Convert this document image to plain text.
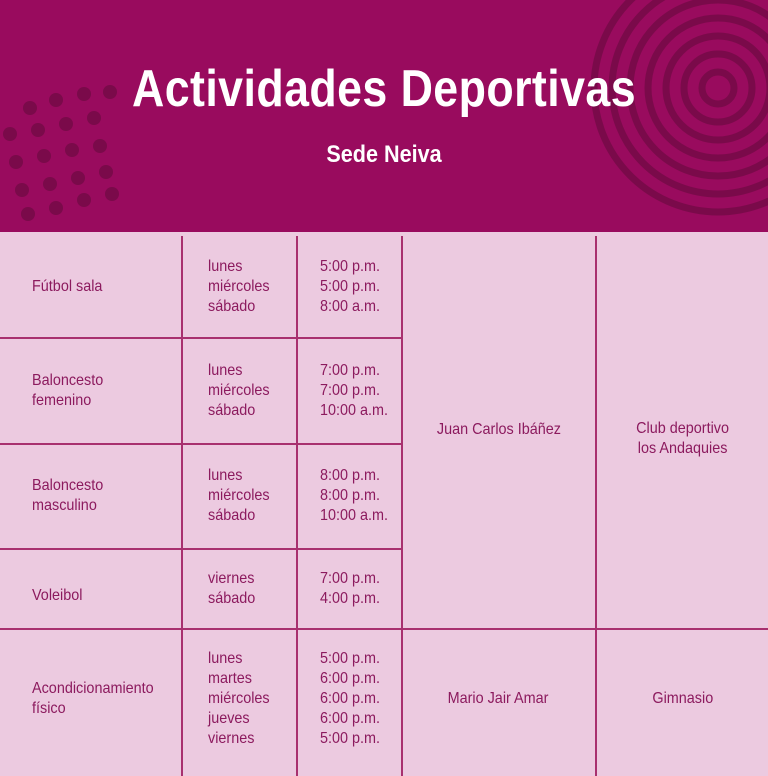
Actividades Deportivas
Sede Neiva
Juan Carlos Ibáñez	Club deportivo
los Andaquies
Mario Jair Amar	Gimnasio
Fútbol sala
lunes
miércoles
sábado
5:00 p.m.
5:00 p.m.
8:00 a.m.
Baloncesto
femenino
lunes
miércoles
sábado
7:00 p.m.
7:00 p.m.
10:00 a.m.
Baloncesto
masculino
lunes
miércoles
sábado
8:00 p.m.
8:00 p.m.
10:00 a.m.
Voleibol
viernes
sábado
7:00 p.m.
4:00 p.m.
Acondicionamiento
físico
lunes
martes
miércoles
jueves
viernes
5:00 p.m.
6:00 p.m.
6:00 p.m.
6:00 p.m.
5:00 p.m.
